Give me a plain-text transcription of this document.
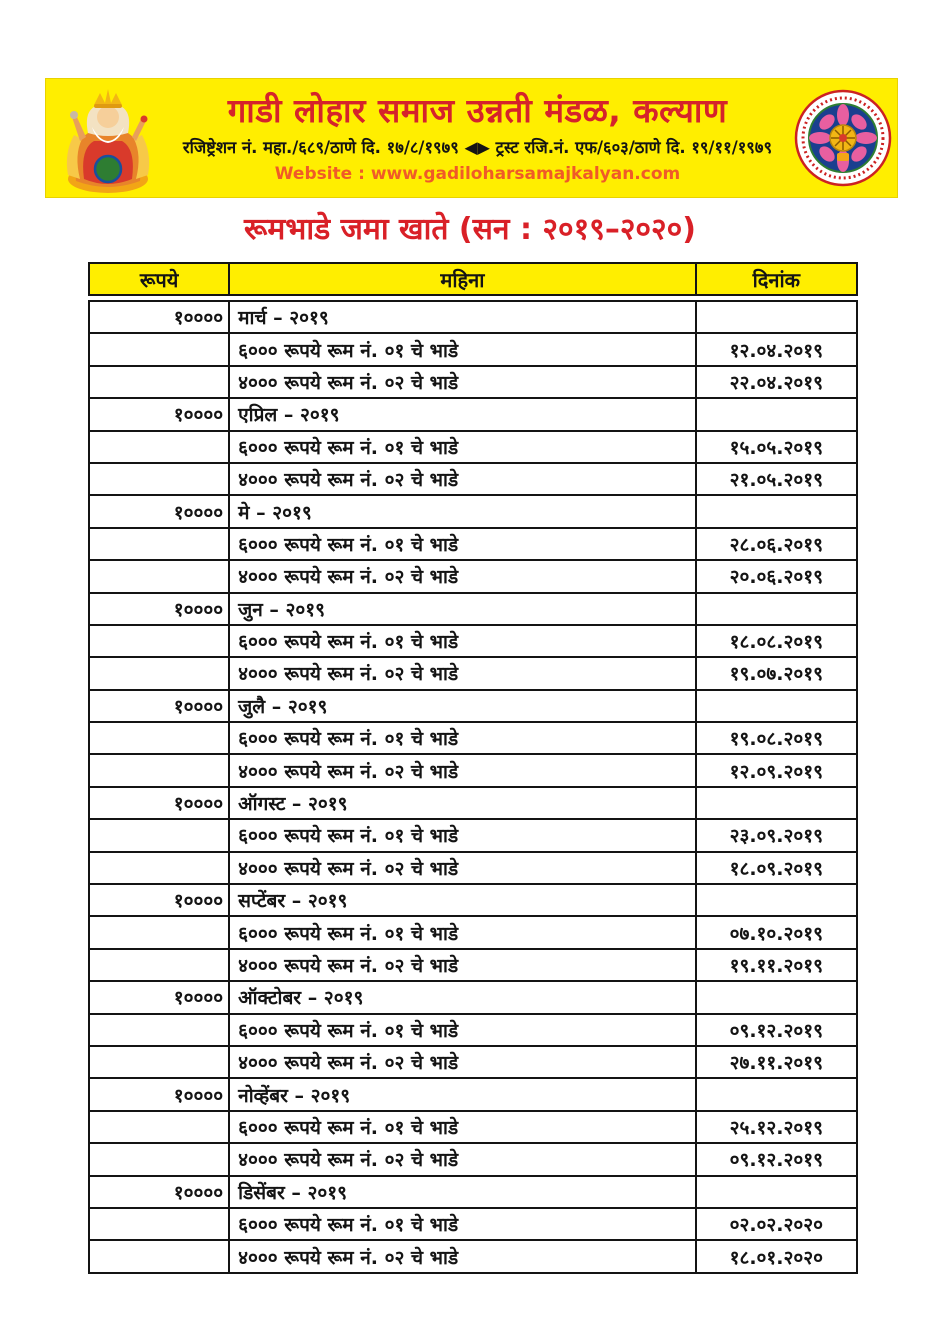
गाडी लोहार समाज उन्नती मंडळ, कल्याण
रजिष्ट्रेशन नं. महा./६८९/ठाणे दि. १७/८/१९७९ ◀▶ ट्रस्ट रजि.नं. एफ/६०३/ठाणे दि. १९/११/१९७९
Website : www.gadiloharsamajkalyan.com
रूमभाडे जमा खाते (सन : २०१९–२०२०)
रूपये	महिना	दिनांक
१०००० मार्च – २०१९
६००० रूपये रूम नं. ०१ चे भाडे	१२.०४.२०१९
४००० रूपये रूम नं. ०२ चे भाडे	२२.०४.२०१९
१०००० एप्रिल – २०१९
६००० रूपये रूम नं. ०१ चे भाडे	१५.०५.२०१९
४००० रूपये रूम नं. ०२ चे भाडे	२१.०५.२०१९
१०००० मे – २०१९
६००० रूपये रूम नं. ०१ चे भाडे	२८.०६.२०१९
४००० रूपये रूम नं. ०२ चे भाडे	२०.०६.२०१९
१०००० जुन – २०१९
६००० रूपये रूम नं. ०१ चे भाडे	१८.०८.२०१९
४००० रूपये रूम नं. ०२ चे भाडे	१९.०७.२०१९
१०००० जुलै – २०१९
६००० रूपये रूम नं. ०१ चे भाडे	१९.०८.२०१९
४००० रूपये रूम नं. ०२ चे भाडे	१२.०९.२०१९
१०००० ऑगस्ट – २०१९
६००० रूपये रूम नं. ०१ चे भाडे	२३.०९.२०१९
४००० रूपये रूम नं. ०२ चे भाडे	१८.०९.२०१९
१०००० सप्टेंबर – २०१९
६००० रूपये रूम नं. ०१ चे भाडे	०७.१०.२०१९
४००० रूपये रूम नं. ०२ चे भाडे	१९.११.२०१९
१०००० ऑक्टोबर – २०१९
६००० रूपये रूम नं. ०१ चे भाडे	०९.१२.२०१९
४००० रूपये रूम नं. ०२ चे भाडे	२७.११.२०१९
१०००० नोव्हेंबर – २०१९
६००० रूपये रूम नं. ०१ चे भाडे	२५.१२.२०१९
४००० रूपये रूम नं. ०२ चे भाडे	०९.१२.२०१९
१०००० डिसेंबर – २०१९
६००० रूपये रूम नं. ०१ चे भाडे	०२.०२.२०२०
४००० रूपये रूम नं. ०२ चे भाडे	१८.०१.२०२०
